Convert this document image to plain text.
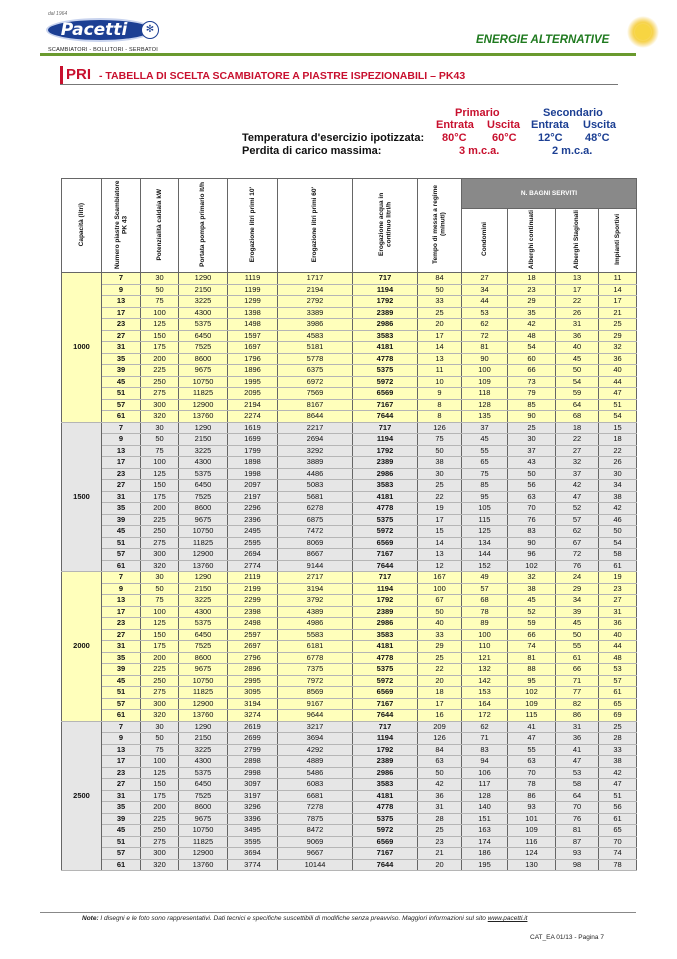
dal 1964
Pacetti	✻
SCAMBIATORI - BOLLITORI - SERBATOI
ENERGIE ALTERNATIVE
PRI - TABELLA DI SCELTA SCAMBIATORE A PIASTRE ISPEZIONABILI – PK43
Primario	Secondario
Entrata Uscita Entrata Uscita
Temperatura d'esercizio ipotizzata: 80°C 60°C 12°C 48°C
Perdita di carico massima:	3 m.c.a.	2 m.c.a.
Capacità (litri)	Numero piastre Scambiatore PK 43	Potenzialità caldaia kW	Portata pompa primario lt/h	Erogazione litri primi 10'	Erogazione litri primi 60'	Erogazione acqua in continuo litri/h	Tempo di messa a regime (minuti)	N. BAGNI SERVITI			
								Condomini	Alberghi continuati	Alberghi Stagionali	Impianti Sportivi
1000	7	30	1290	1119	1717	717	84	27	18	13	11
	9	50	2150	1199	2194	1194	50	34	23	17	14
	13	75	3225	1299	2792	1792	33	44	29	22	17
	17	100	4300	1398	3389	2389	25	53	35	26	21
	23	125	5375	1498	3986	2986	20	62	42	31	25
	27	150	6450	1597	4583	3583	17	72	48	36	29
	31	175	7525	1697	5181	4181	14	81	54	40	32
	35	200	8600	1796	5778	4778	13	90	60	45	36
	39	225	9675	1896	6375	5375	11	100	66	50	40
	45	250	10750	1995	6972	5972	10	109	73	54	44
	51	275	11825	2095	7569	6569	9	118	79	59	47
	57	300	12900	2194	8167	7167	8	128	85	64	51
	61	320	13760	2274	8644	7644	8	135	90	68	54
1500	7	30	1290	1619	2217	717	126	37	25	18	15
	9	50	2150	1699	2694	1194	75	45	30	22	18
	13	75	3225	1799	3292	1792	50	55	37	27	22
	17	100	4300	1898	3889	2389	38	65	43	32	26
	23	125	5375	1998	4486	2986	30	75	50	37	30
	27	150	6450	2097	5083	3583	25	85	56	42	34
	31	175	7525	2197	5681	4181	22	95	63	47	38
	35	200	8600	2296	6278	4778	19	105	70	52	42
	39	225	9675	2396	6875	5375	17	115	76	57	46
	45	250	10750	2495	7472	5972	15	125	83	62	50
	51	275	11825	2595	8069	6569	14	134	90	67	54
	57	300	12900	2694	8667	7167	13	144	96	72	58
	61	320	13760	2774	9144	7644	12	152	102	76	61
2000	7	30	1290	2119	2717	717	167	49	32	24	19
	9	50	2150	2199	3194	1194	100	57	38	29	23
	13	75	3225	2299	3792	1792	67	68	45	34	27
	17	100	4300	2398	4389	2389	50	78	52	39	31
	23	125	5375	2498	4986	2986	40	89	59	45	36
	27	150	6450	2597	5583	3583	33	100	66	50	40
	31	175	7525	2697	6181	4181	29	110	74	55	44
	35	200	8600	2796	6778	4778	25	121	81	61	48
	39	225	9675	2896	7375	5375	22	132	88	66	53
	45	250	10750	2995	7972	5972	20	142	95	71	57
	51	275	11825	3095	8569	6569	18	153	102	77	61
	57	300	12900	3194	9167	7167	17	164	109	82	65
	61	320	13760	3274	9644	7644	16	172	115	86	69
2500	7	30	1290	2619	3217	717	209	62	41	31	25
	9	50	2150	2699	3694	1194	126	71	47	36	28
	13	75	3225	2799	4292	1792	84	83	55	41	33
	17	100	4300	2898	4889	2389	63	94	63	47	38
	23	125	5375	2998	5486	2986	50	106	70	53	42
	27	150	6450	3097	6083	3583	42	117	78	58	47
	31	175	7525	3197	6681	4181	36	128	86	64	51
	35	200	8600	3296	7278	4778	31	140	93	70	56
	39	225	9675	3396	7875	5375	28	151	101	76	61
	45	250	10750	3495	8472	5972	25	163	109	81	65
	51	275	11825	3595	9069	6569	23	174	116	87	70
	57	300	12900	3694	9667	7167	21	186	124	93	74
	61	320	13760	3774	10144	7644	20	195	130	98	78
Note: I disegni e le foto sono rappresentativi. Dati tecnici e specifiche suscettibili di modifiche senza preavviso. Maggiori informazioni sul sito www.pacetti.it
CAT_EA 01/13 - Pagina 7
